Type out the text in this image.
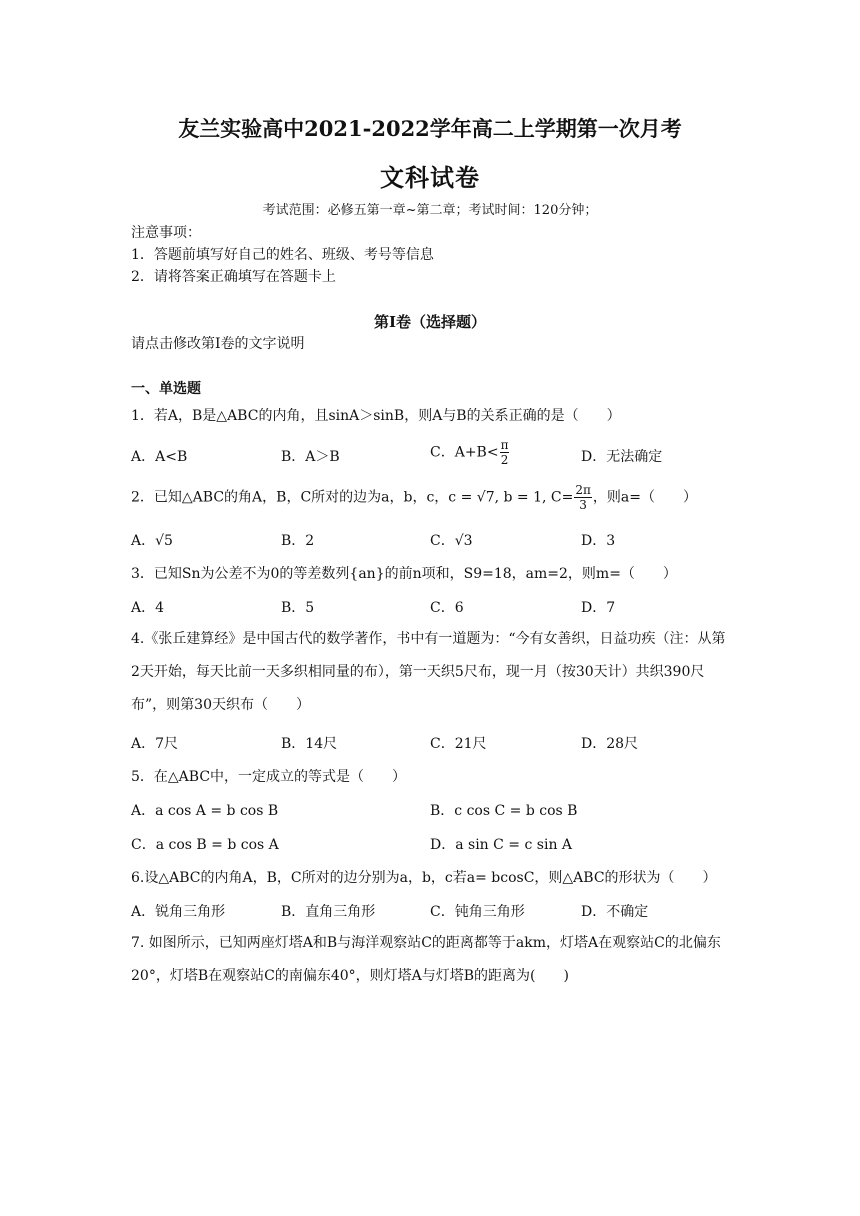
友兰实验高中2021-2022学年高二上学期第一次月考
文科试卷
考试范围：必修五第一章~第二章；考试时间：120分钟；
注意事项：
1．答题前填写好自己的姓名、班级、考号等信息
2．请将答案正确填写在答题卡上
第I卷（选择题）
请点击修改第I卷的文字说明
一、单选题
1．若A，B是△ABC的内角，且sinA＞sinB，则A与B的关系正确的是（　　）
A．A<B	B．A＞B	C．$A+B< \frac{\pi}{2}$	D．无法确定
2．已知△ABC的角A，B，C所对的边为a，b，c，c = √7, b = 1, $C= \frac{2\pi}{3}$ ，则a=（　　）
A．√5	B．2	C．√3	D．3
3．已知Sn为公差不为0的等差数列{an}的前n项和，S9=18，am=2，则m=（　　）
A．4	B．5	C．6	D．7
4.《张丘建算经》是中国古代的数学著作，书中有一道题为：“今有女善织，日益功疾（注：从第2天开始，每天比前一天多织相同量的布），第一天织5尺布，现一月（按30天计）共织390尺布”，则第30天织布（　　）
A．7尺	B．14尺	C．21尺	D．28尺
5．在△ABC中，一定成立的等式是（　　）
A．a cos A = b cos B	B．c cos C = b cos B
C．a cos B = b cos A	D．a sin C = c sin A
6.设△ABC的内角A，B，C所对的边分别为a，b，c若a= bcosC，则△ABC的形状为（　　）
A．锐角三角形	B．直角三角形	C．钝角三角形	D．不确定
7. 如图所示，已知两座灯塔A和B与海洋观察站C的距离都等于akm，灯塔A在观察站C的北偏东20°，灯塔B在观察站C的南偏东40°，则灯塔A与灯塔B的距离为(　　)
